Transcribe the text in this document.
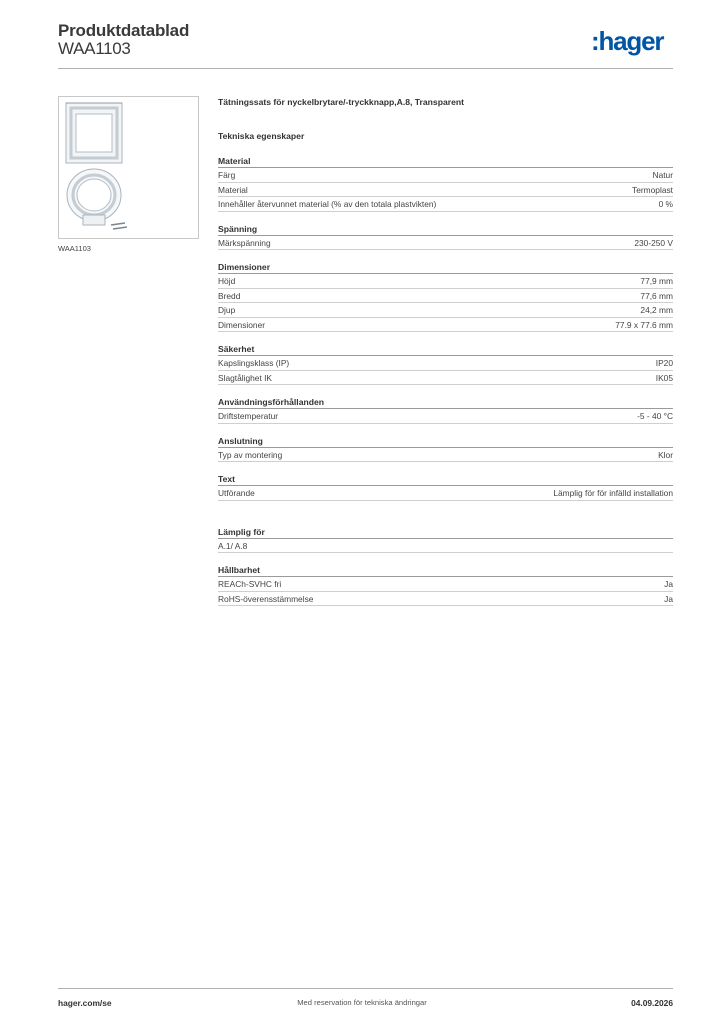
Produktdatablad
WAA1103	:hager
WAA1103
Tätningssats för nyckelbrytare/-tryckknapp,A.8, Transparent
Tekniska egenskaper
Material
Färg	Natur
Material	Termoplast
Innehåller återvunnet material (% av den totala plastvikten)	0 %
Spänning
Märkspänning	230-250 V
Dimensioner
Höjd	77,9 mm
Bredd	77,6 mm
Djup	24,2 mm
Dimensioner	77.9 x 77.6 mm
Säkerhet
Kapslingsklass (IP)	IP20
Slagtålighet IK	IK05
Användningsförhållanden
Driftstemperatur	-5 - 40 °C
Anslutning
Typ av montering	Klor
Text
Utförande	Lämplig för för infälld installation
Lämplig för
A.1/ A.8
Hållbarhet
REACh-SVHC fri	Ja
RoHS-överensstämmelse	Ja
hager.com/se	Med reservation för tekniska ändringar	04.09.2026
